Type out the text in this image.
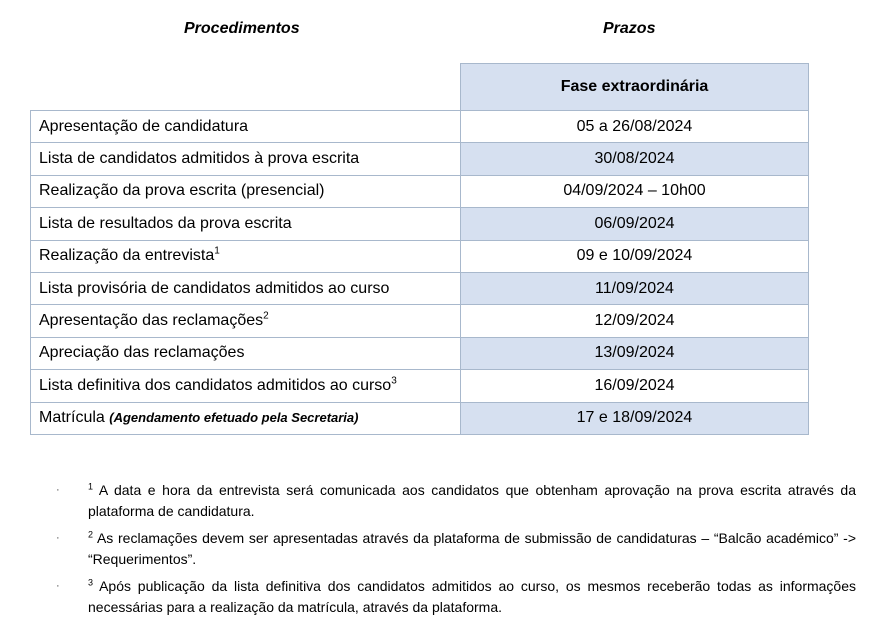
Procedimentos	Prazos
	Fase extraordinária
Apresentação de candidatura	05 a 26/08/2024
Lista de candidatos admitidos à prova escrita	30/08/2024
Realização da prova escrita (presencial)	04/09/2024 – 10h00
Lista de resultados da prova escrita	06/09/2024
Realização da entrevista$^1$	09 e 10/09/2024
Lista provisória de candidatos admitidos ao curso	11/09/2024
Apresentação das reclamações$^2$	12/09/2024
Apreciação das reclamações	13/09/2024
Lista definitiva dos candidatos admitidos ao curso$^3$	16/09/2024
Matrícula (Agendamento efetuado pela Secretaria)	17 e 18/09/2024
·	$^1$ A data e hora da entrevista será comunicada aos candidatos que obtenham aprovação na prova escrita através da plataforma de candidatura.
·	$^2$ As reclamações devem ser apresentadas através da plataforma de submissão de candidaturas – “Balcão académico” -> “Requerimentos”.
·	$^3$ Após publicação da lista definitiva dos candidatos admitidos ao curso, os mesmos receberão todas as informações necessárias para a realização da matrícula, através da plataforma.
